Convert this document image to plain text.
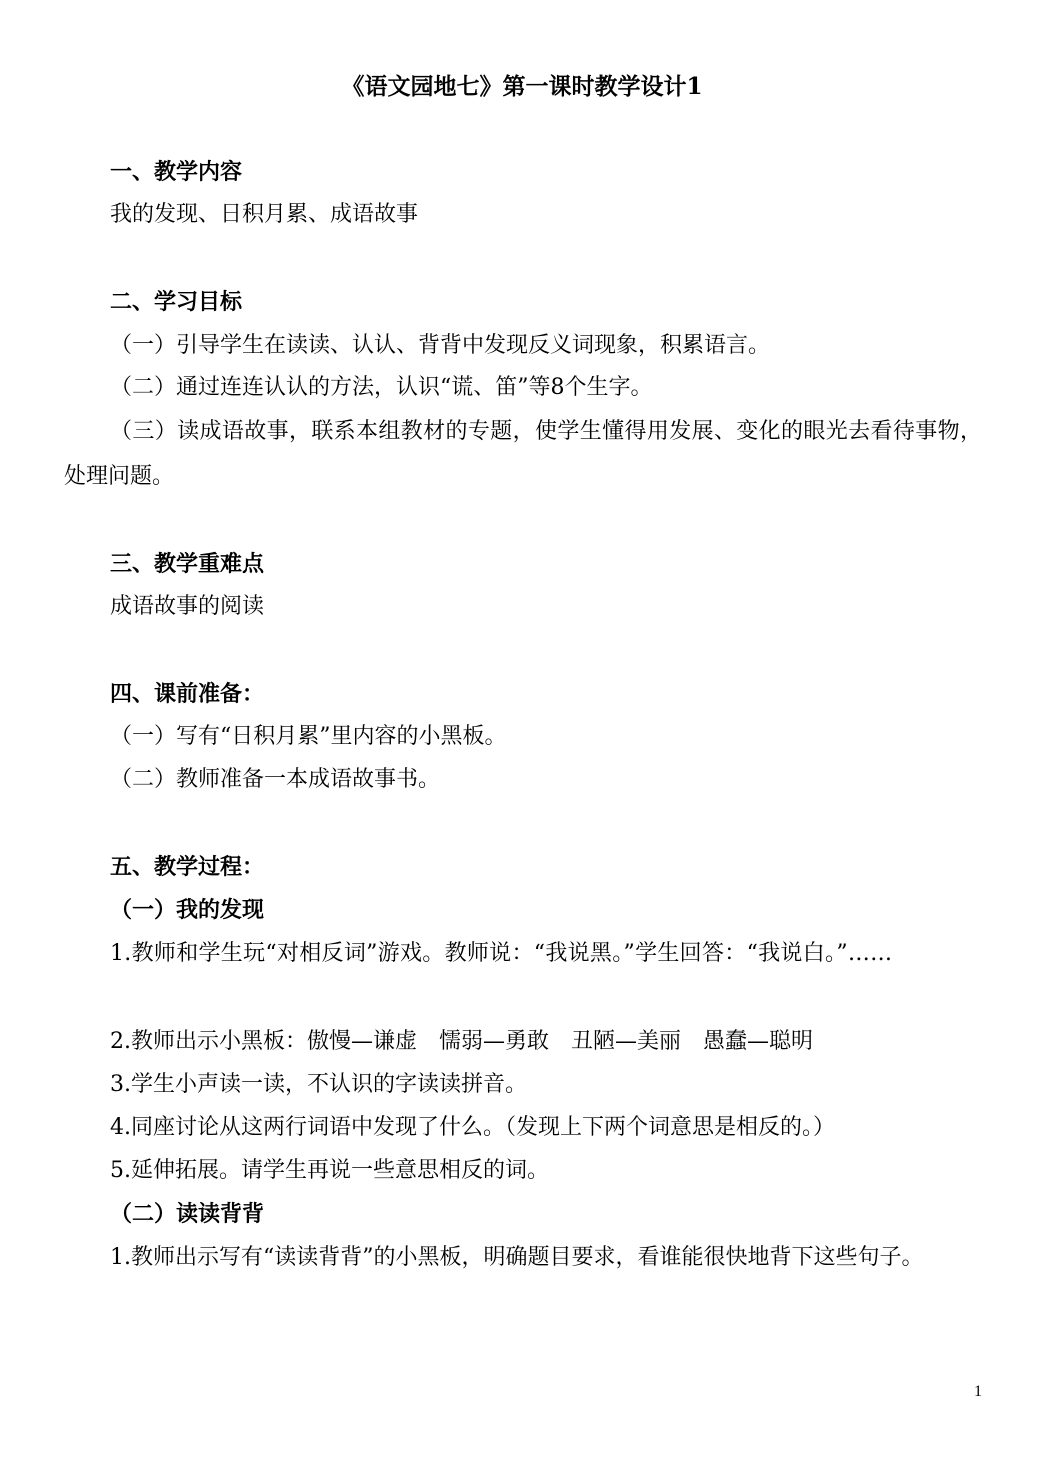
《语文园地七》第一课时教学设计1
一、教学内容
我的发现、日积月累、成语故事
二、学习目标
（一）引导学生在读读、认认、背背中发现反义词现象，积累语言。
（二）通过连连认认的方法，认识“谎、笛”等8个生字。
（三）读成语故事，联系本组教材的专题，使学生懂得用发展、变化的眼光去看待事物，处理问题。
三、教学重难点
成语故事的阅读
四、课前准备：
（一）写有“日积月累”里内容的小黑板。
（二）教师准备一本成语故事书。
五、教学过程：
（一）我的发现
1.教师和学生玩“对相反词”游戏。教师说：“我说黑。”学生回答：“我说白。”……
2.教师出示小黑板：傲慢—谦虚　懦弱—勇敢　丑陋—美丽　愚蠢—聪明
3.学生小声读一读，不认识的字读读拼音。
4.同座讨论从这两行词语中发现了什么。（发现上下两个词意思是相反的。）
5.延伸拓展。请学生再说一些意思相反的词。
（二）读读背背
1.教师出示写有“读读背背”的小黑板，明确题目要求，看谁能很快地背下这些句子。
1
